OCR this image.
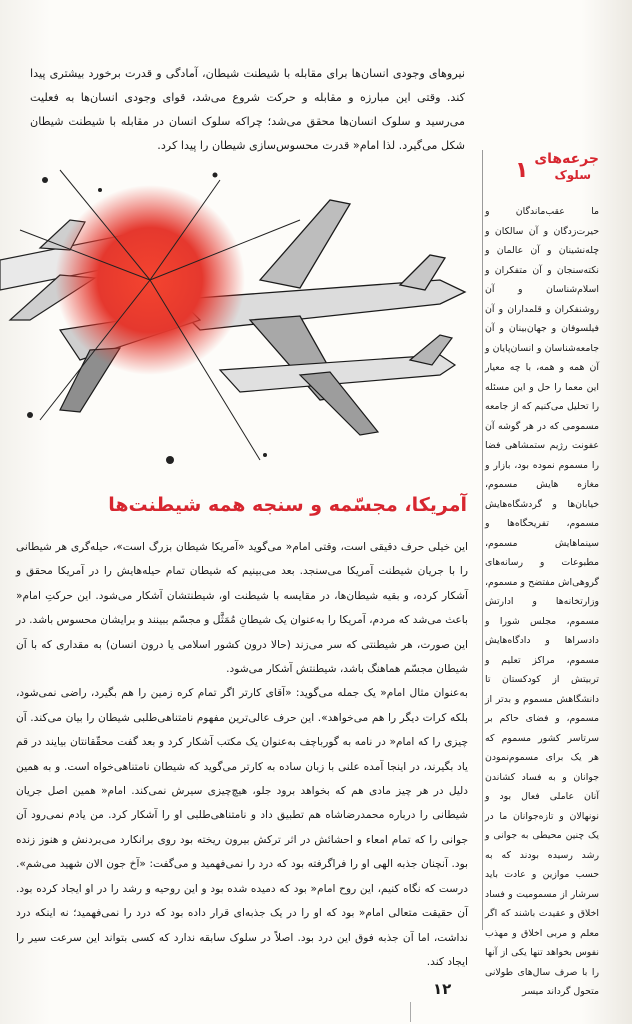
نیروهای وجودی انسان‌ها برای مقابله با شیطنت شیطان، آمادگی و قدرت برخورد بیشتری پیدا کند. وقتی این مبارزه و مقابله و حرکت شروع می‌شد، قوای وجودی انسان‌ها به فعلیت می‌رسید و سلوک انسان‌ها محقق می‌شد؛ چراکه سلوک انسان در مقابله با شیطنت شیطان شکل می‌گیرد. لذا امام« قدرت محسوس‌سازی شیطان را پیدا کرد.

آمریکا، مجسّمه و سنجه همه شیطنت‌ها

این خیلی حرف دقیقی است، وقتی امام« می‌گوید «آمریکا شیطان بزرگ است»، حیله‌گری هر شیطانی را با جریان شیطنت آمریکا می‌سنجد. بعد می‌بینیم که شیطان تمام حیله‌هایش را در آمریکا محقق و آشکار کرده، و بقیه شیطان‌ها، در مقایسه با شیطنت او، شیطنتشان آشکار می‌شود. این حرکتِ امام« باعث می‌شد که مردم، آمریکا را به‌عنوان یک شیطانِ مُمَثَّل و مجسّم ببینند و برایشان محسوس باشد. در این صورت، هر شیطنتی که سر می‌زند (حالا درون کشور اسلامی یا درون انسان) به مقداری که با آن شیطان مجسّم هماهنگ باشد، شیطنتش آشکار می‌شود.

به‌عنوان مثال امام« یک جمله می‌گوید: «آقای کارتر اگر تمام کره زمین را هم بگیرد، راضی نمی‌شود، بلکه کرات دیگر را هم می‌خواهد». این حرف عالی‌ترین مفهوم نامتناهی‌طلبی شیطان را بیان می‌کند. آن چیزی را که امام« در نامه به گورباچف به‌عنوان یک مکتب آشکار کرد و بعد گفت محقّقانتان بیایند در قم یاد بگیرند، در اینجا آمده علنی با زبان ساده به کارتر می‌گوید که شیطان نامتناهی‌خواه است. و به همین دلیل در هر چیز مادی هم که بخواهد برود جلو، هیچ‌چیزی سیرش نمی‌کند. امام« همین اصل جریان شیطانی را درباره محمدرضاشاه هم تطبیق داد و نامتناهی‌طلبی او را آشکار کرد. من یادم نمی‌رود آن جوانی را که تمام امعاء و احشائش در اثر ترکش بیرون ریخته بود روی برانکارد می‌بردنش و هنوز زنده بود. آنچنان جذبه الهی او را فراگرفته بود که درد را نمی‌فهمید و می‌گفت: «آخ جون الان شهید می‌شم». درست که نگاه کنیم، این روح امام« بود که دمیده شده بود و این روحیه و رشد را در او ایجاد کرده بود. آن حقیقت متعالی امام« بود که او را در یک جذبه‌ای قرار داده بود که درد را نمی‌فهمید؛ نه اینکه درد نداشت، اما آن جذبه فوق این درد بود. اصلاً در سلوک سابقه ندارد که کسی بتواند این سرعت سیر را ایجاد کند.

جرعه‌های
سلوک
۱

ما عقب‌ماندگان و حیرت‌زدگان و آن سالکان و چله‌نشینان و آن عالمان و نکته‌سنجان و آن متفکران و اسلام‌شناسان و آن روشنفکران و قلمداران و آن فیلسوفان و جهان‌بینان و آن جامعه‌شناسان و انسان‌پایان و آن همه و همه، با چه معیار این معما را حل و این مسئله را تحلیل می‌کنیم که از جامعه مسمومی که در هر گوشه آن عفونت رژیم ستمشاهی فضا را مسموم نموده بود، بازار و مغازه هایش مسموم، خیابان‌ها و گردشگاه‌هایش مسموم، تفریحگاه‌ها و سینماهایش مسموم، مطبوعات و رسانه‌های گروهی‌اش مفتضح و مسموم، وزارتخانه‌ها و ادارتش مسموم، مجلس شورا و دادسراها و دادگاه‌هایش مسموم، مراکز تعلیم و تربیتش از کودکستان تا دانشگاهش مسموم و بدتر از مسموم، و فضای حاکم بر سرتاسر کشور مسموم که هر یک برای مسموم‌نمودن جوانان و به فساد کشاندن آنان عاملی فعال بود و نونهالان و تازه‌جوانان ما در یک چنین محیطی به جوانی و رشد رسیده بودند که به حسب موازین و عادت باید سرشار از مسمومیت و فساد اخلاق و عقیدت باشند که اگر معلم و مربی اخلاق و مهذب نفوس بخواهد تنها یکی از آنها را با صرف سال‌های طولانی متحول گرداند میسر

۱۲
